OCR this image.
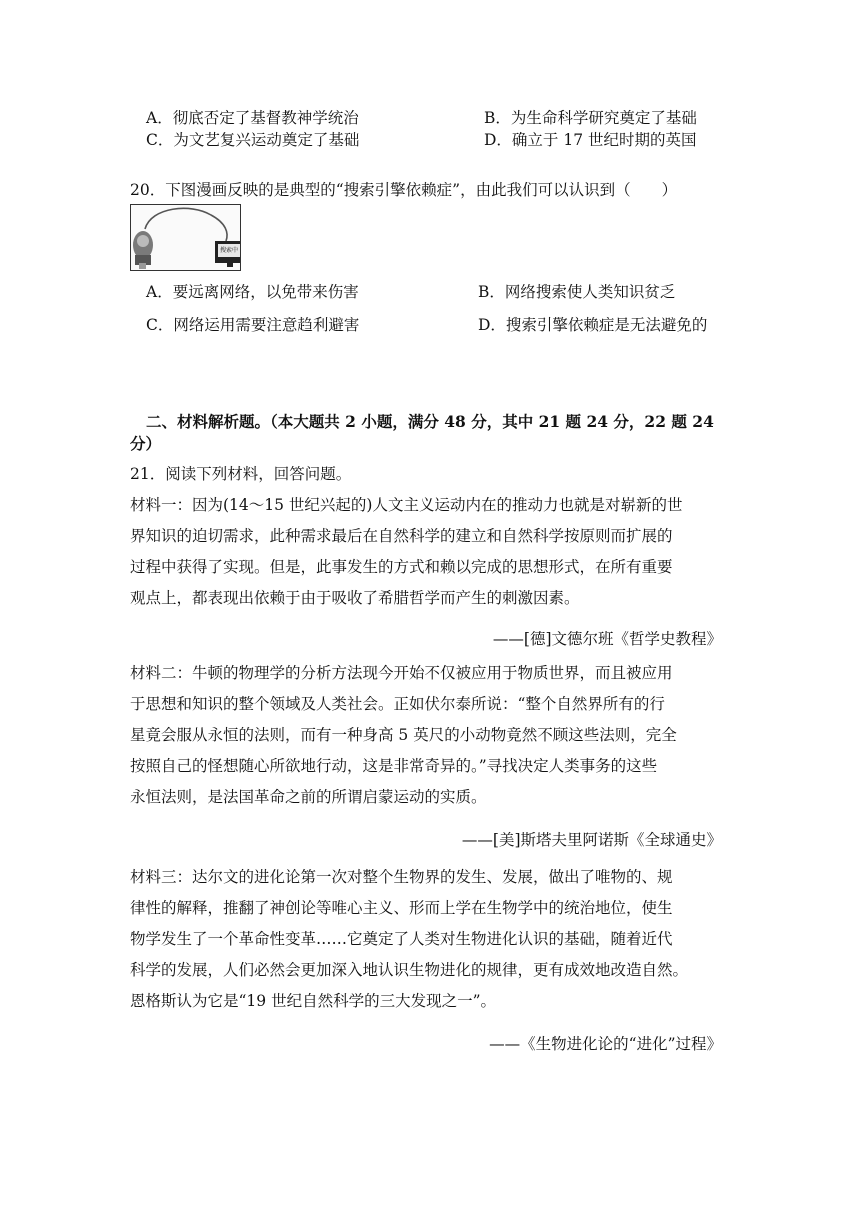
A．彻底否定了基督教神学统治	B．为生命科学研究奠定了基础
C．为文艺复兴运动奠定了基础	D．确立于 17 世纪时期的英国
20．下图漫画反映的是典型的“搜索引擎依赖症”，由此我们可以认识到（　　）
搜索中
A．要远离网络，以免带来伤害	B．网络搜索使人类知识贫乏
C．网络运用需要注意趋利避害	D．搜索引擎依赖症是无法避免的
二、材料解析题。（本大题共 2 小题，满分 48 分，其中 21 题 24 分，22 题 24
分）
21．阅读下列材料，回答问题。
材料一：因为(14～15 世纪兴起的)人文主义运动内在的推动力也就是对崭新的世
界知识的迫切需求，此种需求最后在自然科学的建立和自然科学按原则而扩展的
过程中获得了实现。但是，此事发生的方式和赖以完成的思想形式，在所有重要
观点上，都表现出依赖于由于吸收了希腊哲学而产生的刺激因素。
——[德]文德尔班《哲学史教程》
材料二：牛顿的物理学的分析方法现今开始不仅被应用于物质世界，而且被应用
于思想和知识的整个领域及人类社会。正如伏尔泰所说：“整个自然界所有的行
星竟会服从永恒的法则，而有一种身高 5 英尺的小动物竟然不顾这些法则，完全
按照自己的怪想随心所欲地行动，这是非常奇异的。”寻找决定人类事务的这些
永恒法则，是法国革命之前的所谓启蒙运动的实质。
——[美]斯塔夫里阿诺斯《全球通史》
材料三：达尔文的进化论第一次对整个生物界的发生、发展，做出了唯物的、规
律性的解释，推翻了神创论等唯心主义、形而上学在生物学中的统治地位，使生
物学发生了一个革命性变革……它奠定了人类对生物进化认识的基础，随着近代
科学的发展，人们必然会更加深入地认识生物进化的规律，更有成效地改造自然。
恩格斯认为它是“19 世纪自然科学的三大发现之一”。
——《生物进化论的“进化”过程》
